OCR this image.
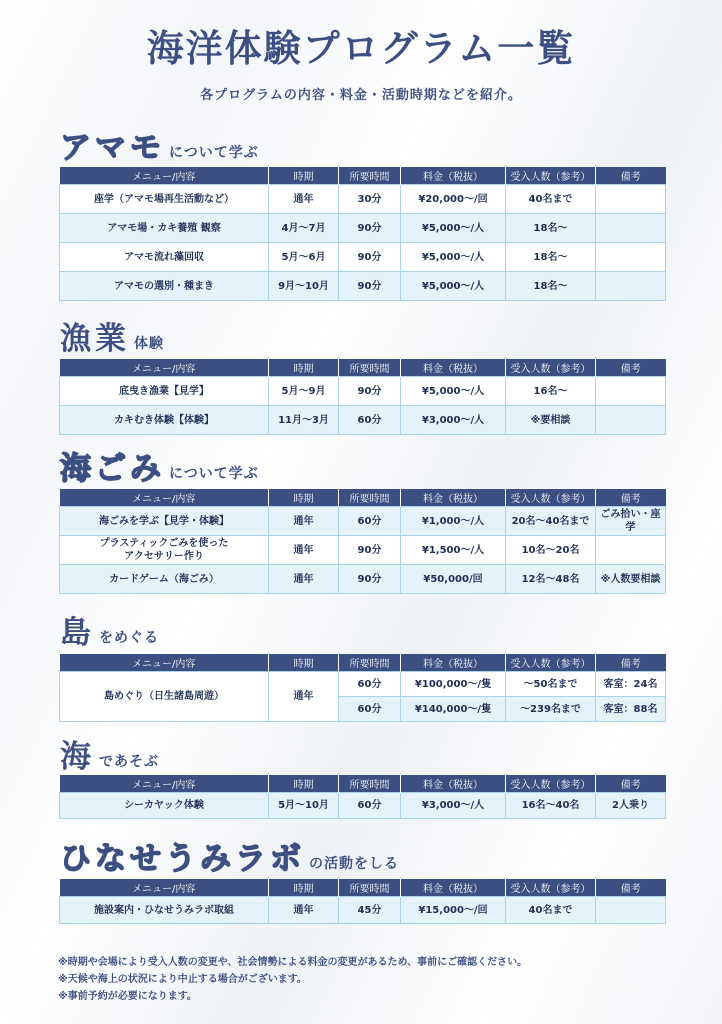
海洋体験プログラム一覧
各プログラムの内容・料金・活動時期などを紹介。
アマモ について学ぶ
メニュー/内容	時期	所要時間	料金（税抜）	受入人数（参考）	備考
座学（アマモ場再生活動など）	通年	30分	¥20,000～/回	40名まで	
アマモ場・カキ養殖 観察	4月～7月	90分	¥5,000～/人	18名～	
アマモ流れ藻回収	5月～6月	90分	¥5,000～/人	18名～	
アマモの選別・種まき	9月～10月	90分	¥5,000～/人	18名～	
漁業 体験
メニュー/内容	時期	所要時間	料金（税抜）	受入人数（参考）	備考
底曳き漁業【見学】	5月～9月	90分	¥5,000～/人	16名～	
カキむき体験【体験】	11月～3月	60分	¥3,000～/人	※要相談	
海ごみ について学ぶ
メニュー/内容	時期	所要時間	料金（税抜）	受入人数（参考）	備考
海ごみを学ぶ【見学・体験】	通年	60分	¥1,000～/人	20名～40名まで	ごみ拾い・座学
プラスティックごみを使った
アクセサリー作り	通年	90分	¥1,500～/人	10名～20名	
カードゲーム（海ごみ）	通年	90分	¥50,000/回	12名～48名	※人数要相談
島 をめぐる
メニュー/内容	時期	所要時間	料金（税抜）	受入人数（参考）	備考
島めぐり（日生諸島周遊）	通年	60分	¥100,000～/隻	～50名まで	客室：24名
		60分	¥140,000～/隻	～239名まで	客室：88名
海 であそぶ
メニュー/内容	時期	所要時間	料金（税抜）	受入人数（参考）	備考
シーカヤック体験	5月～10月	60分	¥3,000～/人	16名～40名	2人乗り
ひなせうみラボ の活動をしる
メニュー/内容	時期	所要時間	料金（税抜）	受入人数（参考）	備考
施設案内・ひなせうみラボ取組	通年	45分	¥15,000～/回	40名まで	
※時期や会場により受入人数の変更や、社会情勢による料金の変更があるため、事前にご確認ください。
※天候や海上の状況により中止する場合がございます。
※事前予約が必要になります。
